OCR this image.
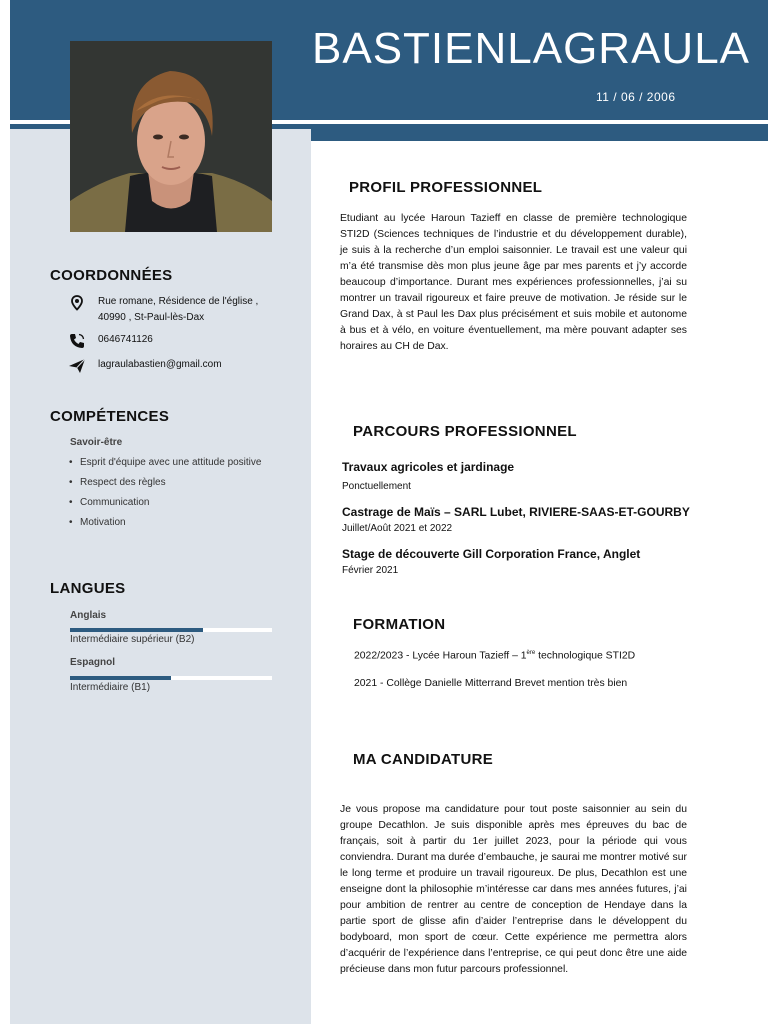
BASTIENLAGRAULA
11 / 06 / 2006
COORDONNÉES
Rue romane, Résidence de l'église ,
40990 , St-Paul-lès-Dax
0646741126
lagraulabastien@gmail.com
COMPÉTENCES
Savoir-être
• Esprit d'équipe avec une attitude positive
• Respect des règles
• Communication
• Motivation
LANGUES
Anglais
Intermédiaire supérieur (B2)
Espagnol
Intermédiaire (B1)
PROFIL PROFESSIONNEL
Etudiant au lycée Haroun Tazieff en classe de première technologique STI2D (Sciences techniques de l’industrie et du développement durable), je suis à la recherche d’un emploi saisonnier. Le travail est une valeur qui m’a été transmise dès mon plus jeune âge par mes parents et j’y accorde beaucoup d’importance. Durant mes expériences professionnelles, j’ai su montrer un travail rigoureux et faire preuve de motivation. Je réside sur le Grand Dax, à st Paul les Dax plus précisément et suis mobile et autonome à bus et à vélo, en voiture éventuellement, ma mère pouvant adapter ses horaires au CH de Dax.
PARCOURS PROFESSIONNEL
Travaux agricoles et jardinage
Ponctuellement
Castrage de Maïs – SARL Lubet, RIVIERE-SAAS-ET-GOURBY
Juillet/Août 2021 et 2022
Stage de découverte Gill Corporation France, Anglet
Février 2021
FORMATION
2022/2023 - Lycée Haroun Tazieff – 1ère technologique STI2D
2021 - Collège Danielle Mitterrand Brevet mention très bien
MA CANDIDATURE
Je vous propose ma candidature pour tout poste saisonnier au sein du groupe Decathlon. Je suis disponible après mes épreuves du bac de français, soit à partir du 1er juillet 2023, pour la période qui vous conviendra. Durant ma durée d’embauche, je saurai me montrer motivé sur le long terme et produire un travail rigoureux. De plus, Decathlon est une enseigne dont la philosophie m’intéresse car dans mes années futures, j’ai pour ambition de rentrer au centre de conception de Hendaye dans la partie sport de glisse afin d’aider l’entreprise dans le développent du bodyboard, mon sport de cœur. Cette expérience me permettra alors d’acquérir de l’expérience dans l’entreprise, ce qui peut donc être une aide précieuse dans mon futur parcours professionnel.
